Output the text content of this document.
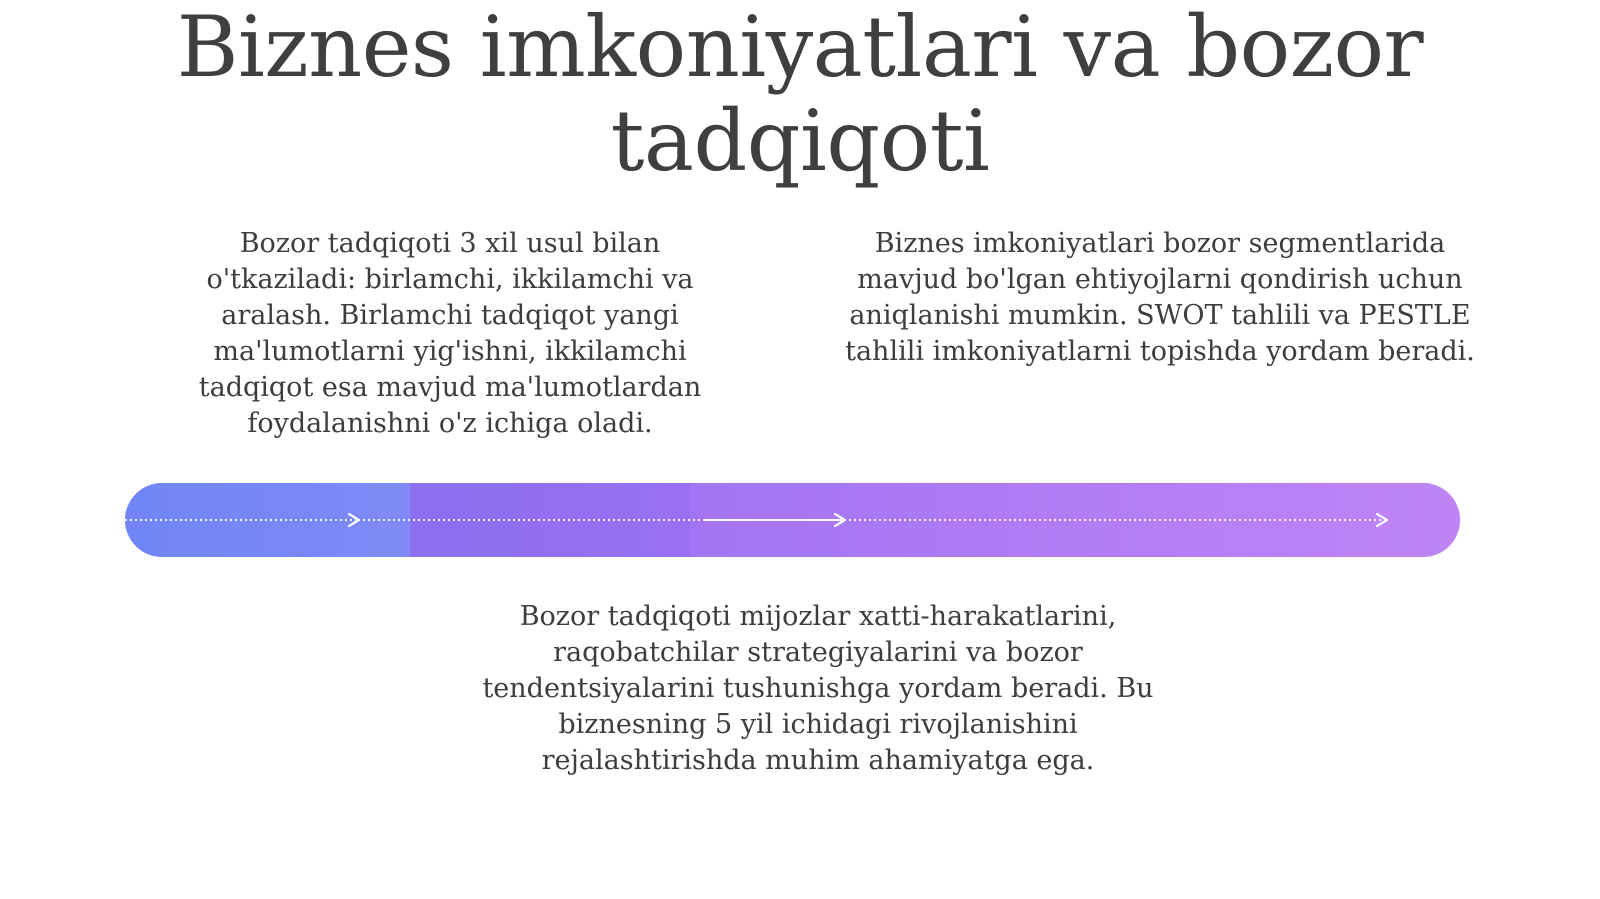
Biznes imkoniyatlari va bozor tadqiqoti
Bozor tadqiqoti 3 xil usul bilan o'tkaziladi: birlamchi, ikkilamchi va aralash. Birlamchi tadqiqot yangi ma'lumotlarni yig'ishni, ikkilamchi tadqiqot esa mavjud ma'lumotlardan foydalanishni o'z ichiga oladi.
Biznes imkoniyatlari bozor segmentlarida mavjud bo'lgan ehtiyojlarni qondirish uchun aniqlanishi mumkin. SWOT tahlili va PESTLE tahlili imkoniyatlarni topishda yordam beradi.
Bozor tadqiqoti mijozlar xatti-harakatlarini, raqobatchilar strategiyalarini va bozor tendentsiyalarini tushunishga yordam beradi. Bu biznesning 5 yil ichidagi rivojlanishini rejalashtirishda muhim ahamiyatga ega.
